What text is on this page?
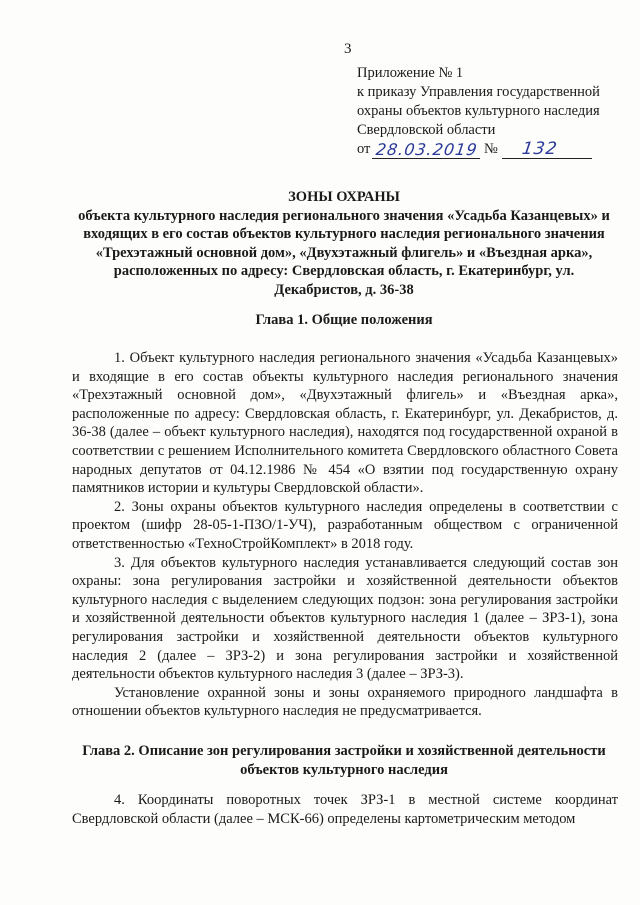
3
Приложение № 1
к приказу Управления государственной
охраны объектов культурного наследия
Свердловской области
от 28.03.2019 № 132
ЗОНЫ ОХРАНЫ
объекта культурного наследия регионального значения «Усадьба Казанцевых» и входящих в его состав объектов культурного наследия регионального значения «Трехэтажный основной дом», «Двухэтажный флигель» и «Въездная арка», расположенных по адресу: Свердловская область, г. Екатеринбург, ул. Декабристов, д. 36-38
Глава 1. Общие положения

1. Объект культурного наследия регионального значения «Усадьба Казанцевых» и входящие в его состав объекты культурного наследия регионального значения «Трехэтажный основной дом», «Двухэтажный флигель» и «Въездная арка», расположенные по адресу: Свердловская область, г. Екатеринбург, ул. Декабристов, д. 36-38 (далее – объект культурного наследия), находятся под государственной охраной в соответствии с решением Исполнительного комитета Свердловского областного Совета народных депутатов от 04.12.1986 № 454 «О взятии под государственную охрану памятников истории и культуры Свердловской области».

2. Зоны охраны объектов культурного наследия определены в соответствии с проектом (шифр 28-05-1-ПЗО/1-УЧ), разработанным обществом с ограниченной ответственностью «ТехноСтройКомплект» в 2018 году.

3. Для объектов культурного наследия устанавливается следующий состав зон охраны: зона регулирования застройки и хозяйственной деятельности объектов культурного наследия с выделением следующих подзон: зона регулирования застройки и хозяйственной деятельности объектов культурного наследия 1 (далее – ЗРЗ-1), зона регулирования застройки и хозяйственной деятельности объектов культурного наследия 2 (далее – ЗРЗ-2) и зона регулирования застройки и хозяйственной деятельности объектов культурного наследия 3 (далее – ЗРЗ-3).

Установление охранной зоны и зоны охраняемого природного ландшафта в отношении объектов культурного наследия не предусматривается.

Глава 2. Описание зон регулирования застройки и хозяйственной деятельности объектов культурного наследия

4. Координаты поворотных точек ЗРЗ-1 в местной системе координат Свердловской области (далее – МСК-66) определены картометрическим методом
